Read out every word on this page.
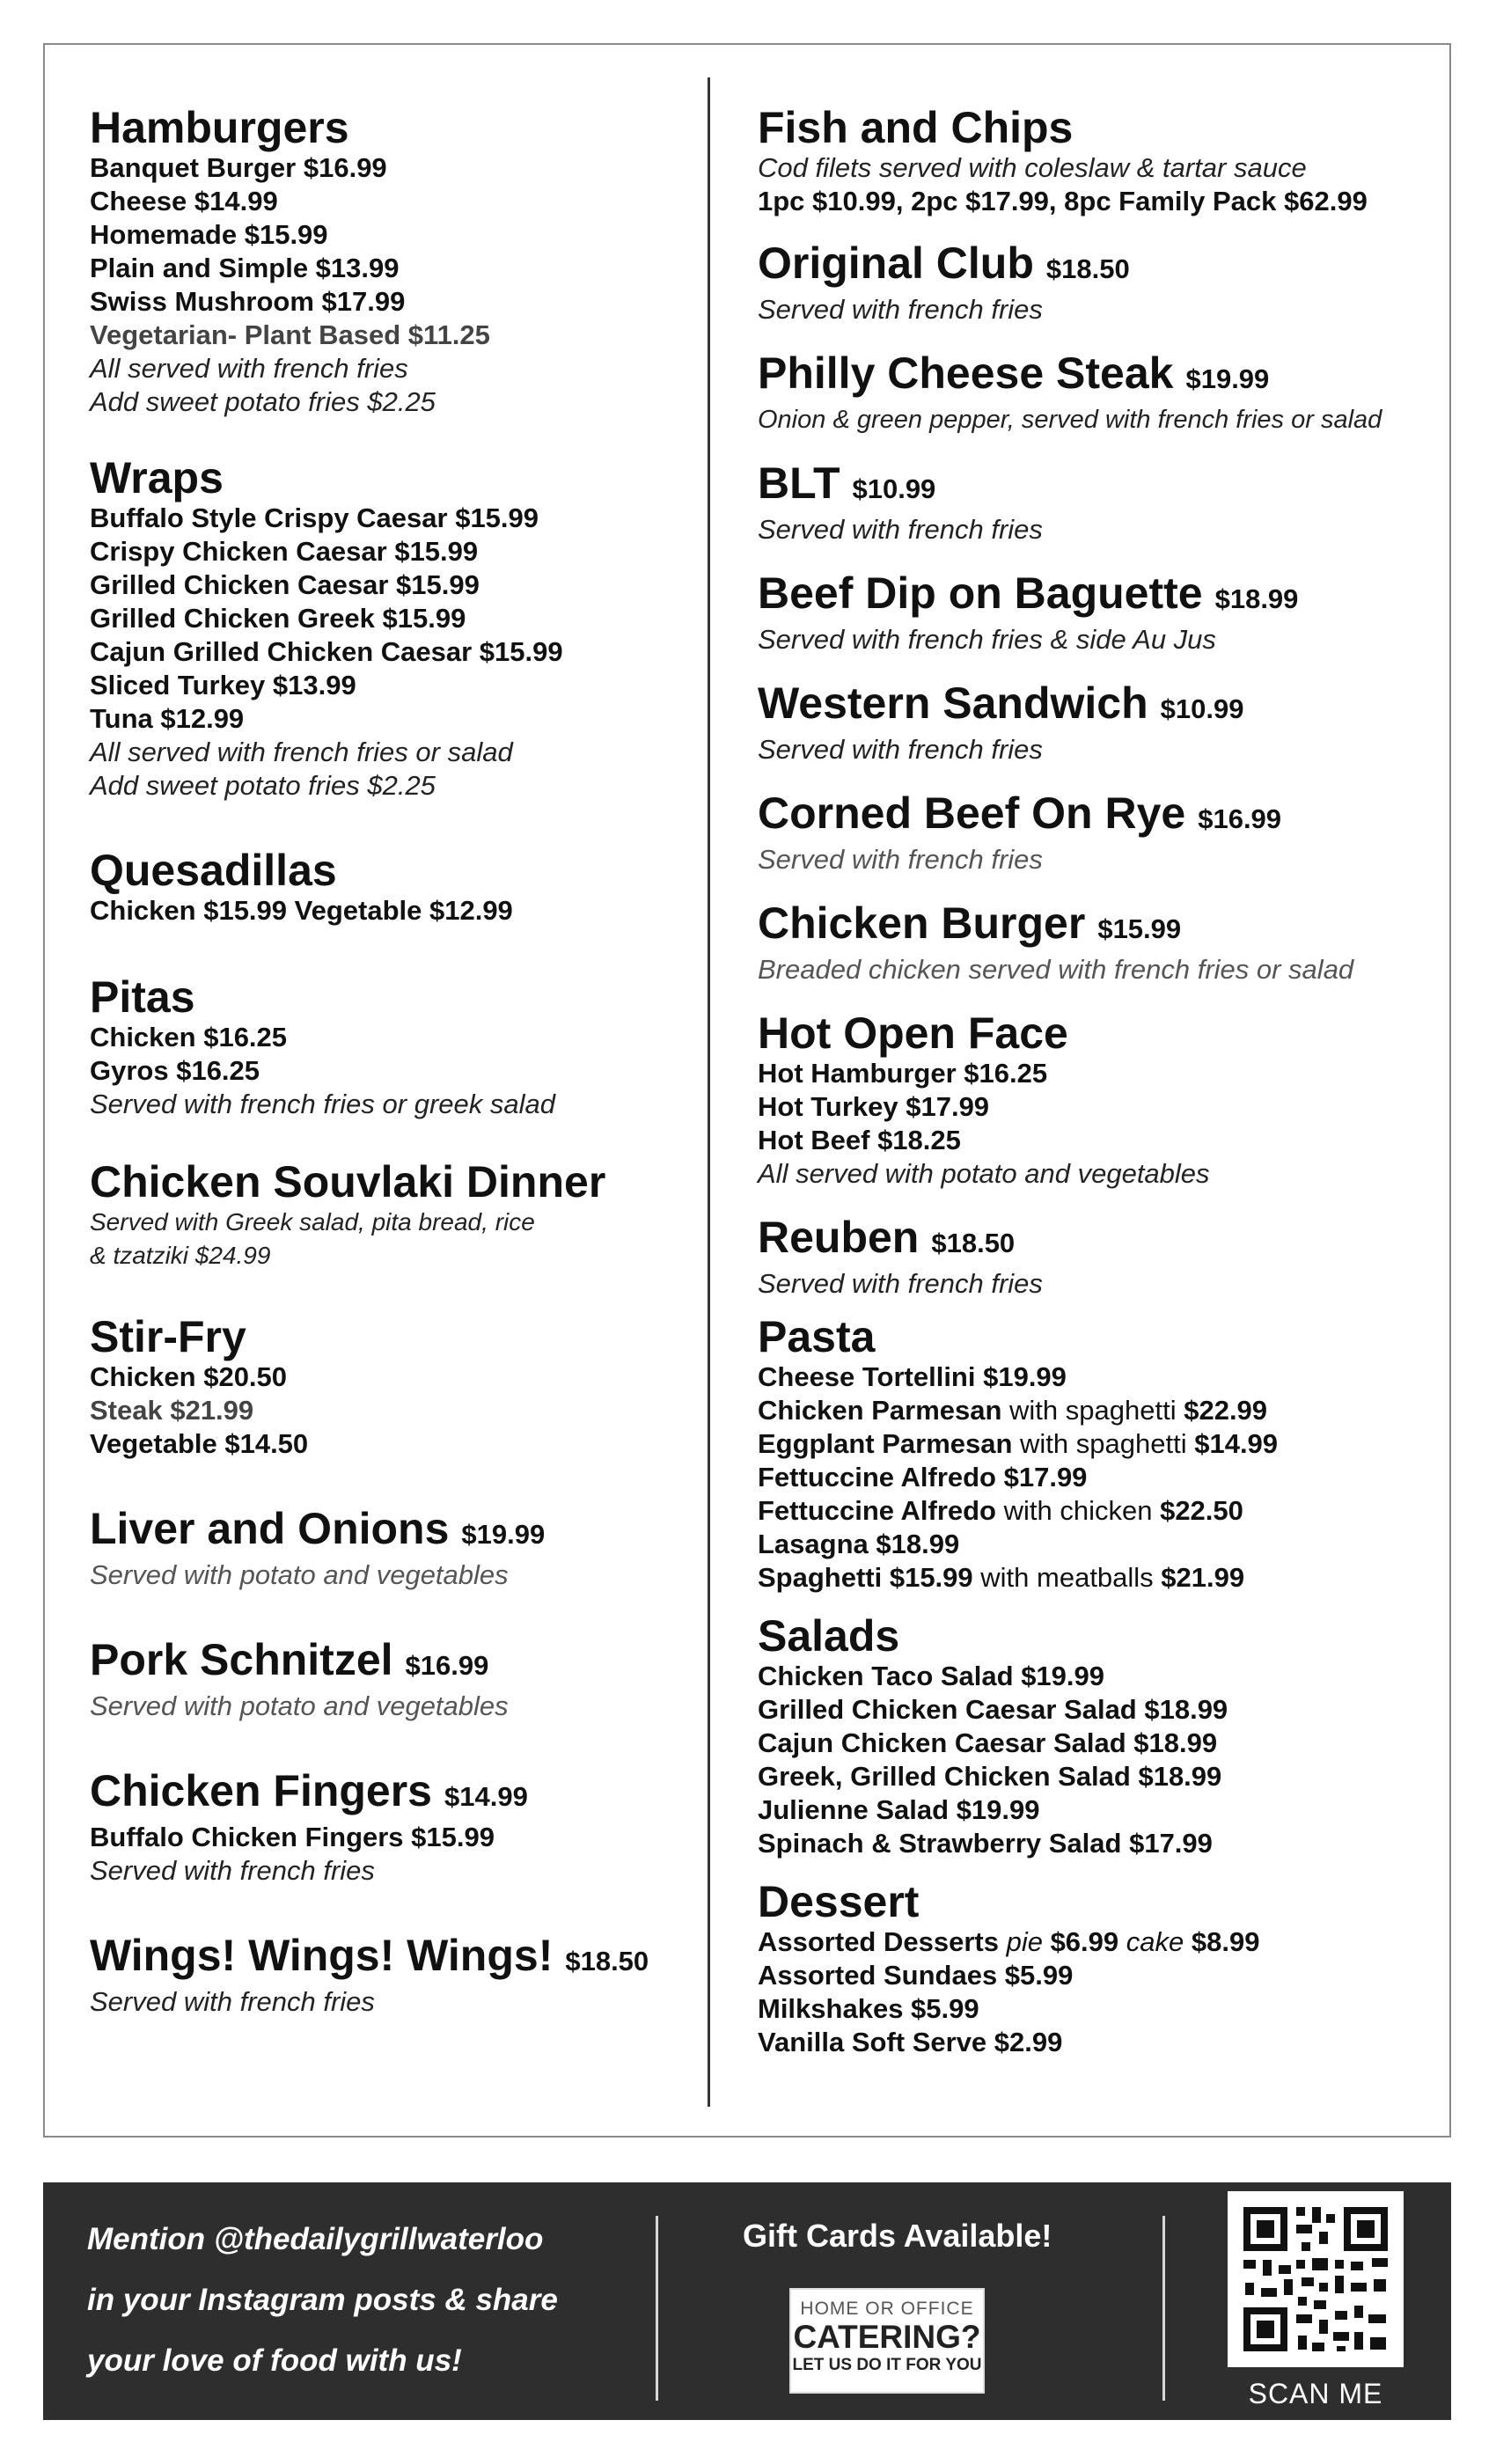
Hamburgers
Banquet Burger $16.99
Cheese $14.99
Homemade $15.99
Plain and Simple $13.99
Swiss Mushroom $17.99
Vegetarian- Plant Based $11.25
All served with french fries
Add sweet potato fries $2.25
Wraps
Buffalo Style Crispy Caesar $15.99
Crispy Chicken Caesar $15.99
Grilled Chicken Caesar $15.99
Grilled Chicken Greek $15.99
Cajun Grilled Chicken Caesar $15.99
Sliced Turkey $13.99
Tuna $12.99
All served with french fries or salad
Add sweet potato fries $2.25
Quesadillas
Chicken $15.99 Vegetable $12.99
Pitas
Chicken $16.25
Gyros $16.25
Served with french fries or greek salad
Chicken Souvlaki Dinner
Served with Greek salad, pita bread, rice
& tzatziki $24.99
Stir-Fry
Chicken $20.50
Steak $21.99
Vegetable $14.50
Liver and Onions $19.99
Served with potato and vegetables
Pork Schnitzel $16.99
Served with potato and vegetables
Chicken Fingers $14.99
Buffalo Chicken Fingers $15.99
Served with french fries
Wings! Wings! Wings! $18.50
Served with french fries
Fish and Chips
Cod filets served with coleslaw & tartar sauce
1pc $10.99, 2pc $17.99, 8pc Family Pack $62.99
Original Club $18.50
Served with french fries
Philly Cheese Steak $19.99
Onion & green pepper, served with french fries or salad
BLT $10.99
Served with french fries
Beef Dip on Baguette $18.99
Served with french fries & side Au Jus
Western Sandwich $10.99
Served with french fries
Corned Beef On Rye $16.99
Served with french fries
Chicken Burger $15.99
Breaded chicken served with french fries or salad
Hot Open Face
Hot Hamburger $16.25
Hot Turkey $17.99
Hot Beef $18.25
All served with potato and vegetables
Reuben $18.50
Served with french fries
Pasta
Cheese Tortellini $19.99
Chicken Parmesan with spaghetti $22.99
Eggplant Parmesan with spaghetti $14.99
Fettuccine Alfredo $17.99
Fettuccine Alfredo with chicken $22.50
Lasagna $18.99
Spaghetti $15.99 with meatballs $21.99
Salads
Chicken Taco Salad $19.99
Grilled Chicken Caesar Salad $18.99
Cajun Chicken Caesar Salad $18.99
Greek, Grilled Chicken Salad $18.99
Julienne Salad $19.99
Spinach & Strawberry Salad $17.99
Dessert
Assorted Desserts pie $6.99 cake $8.99
Assorted Sundaes $5.99
Milkshakes $5.99
Vanilla Soft Serve $2.99
Mention @thedailygrillwaterloo
in your Instagram posts & share
your love of food with us!
Gift Cards Available!
HOME OR OFFICE
CATERING?
LET US DO IT FOR YOU
SCAN ME
